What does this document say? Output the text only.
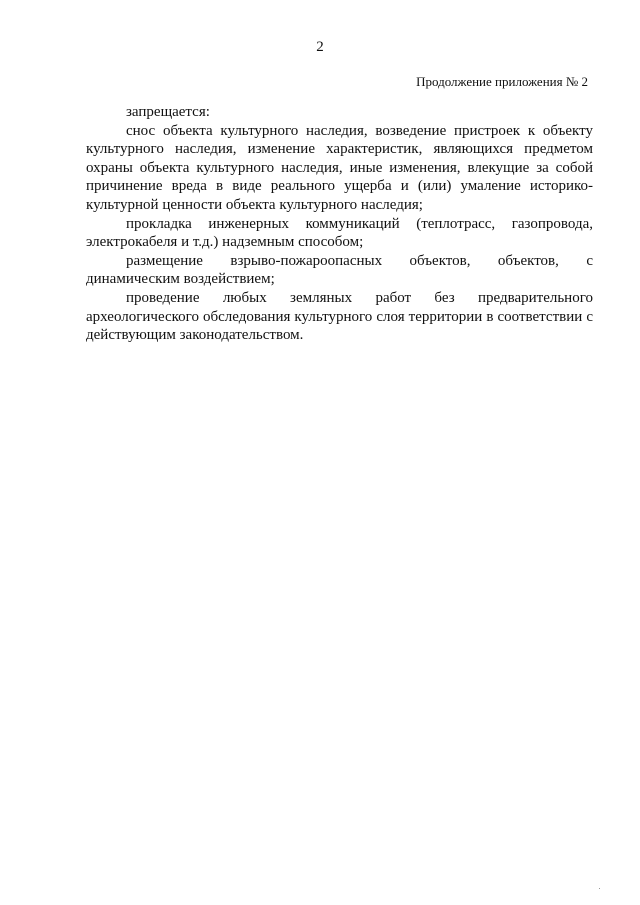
2
Продолжение приложения № 2

запрещается:

снос объекта культурного наследия, возведение пристроек к объекту культурного наследия, изменение характеристик, являющихся предметом охраны объекта культурного наследия, иные изменения, влекущие за собой причинение вреда в виде реального ущерба и (или) умаление историко-культурной ценности объекта культурного наследия;

прокладка инженерных коммуникаций (теплотрасс, газопровода, электрокабеля и т.д.) надземным способом;

размещение взрыво-пожароопасных объектов, объектов, с динамическим воздействием;

проведение любых земляных работ без предварительного археологического обследования культурного слоя территории в соответствии с действующим законодательством.
